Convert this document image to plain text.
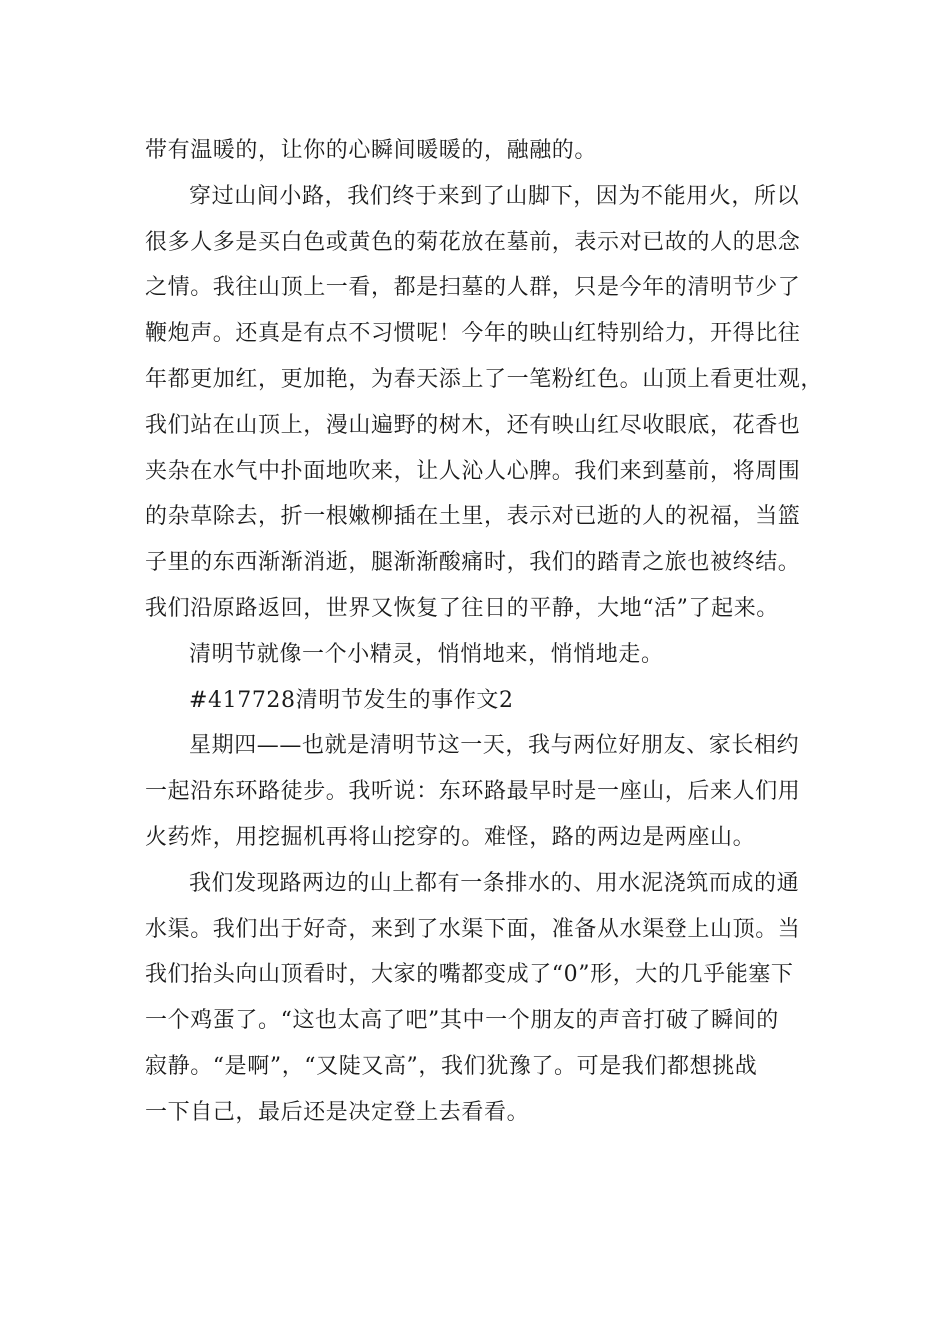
带有温暖的，让你的心瞬间暖暖的，融融的。
穿过山间小路，我们终于来到了山脚下，因为不能用火，所以
很多人多是买白色或黄色的菊花放在墓前，表示对已故的人的思念
之情。我往山顶上一看，都是扫墓的人群，只是今年的清明节少了
鞭炮声。还真是有点不习惯呢！今年的映山红特别给力，开得比往
年都更加红，更加艳，为春天添上了一笔粉红色。山顶上看更壮观，
我们站在山顶上，漫山遍野的树木，还有映山红尽收眼底，花香也
夹杂在水气中扑面地吹来，让人沁人心脾。我们来到墓前，将周围
的杂草除去，折一根嫩柳插在土里，表示对已逝的人的祝福，当篮
子里的东西渐渐消逝，腿渐渐酸痛时，我们的踏青之旅也被终结。
我们沿原路返回，世界又恢复了往日的平静，大地“活”了起来。
清明节就像一个小精灵，悄悄地来，悄悄地走。
#417728清明节发生的事作文2
星期四——也就是清明节这一天，我与两位好朋友、家长相约
一起沿东环路徒步。我听说：东环路最早时是一座山，后来人们用
火药炸，用挖掘机再将山挖穿的。难怪，路的两边是两座山。
我们发现路两边的山上都有一条排水的、用水泥浇筑而成的通
水渠。我们出于好奇，来到了水渠下面，准备从水渠登上山顶。当
我们抬头向山顶看时，大家的嘴都变成了“0”形，大的几乎能塞下
一个鸡蛋了。“这也太高了吧”其中一个朋友的声音打破了瞬间的
寂静。“是啊”，“又陡又高”，我们犹豫了。可是我们都想挑战
一下自己，最后还是决定登上去看看。
